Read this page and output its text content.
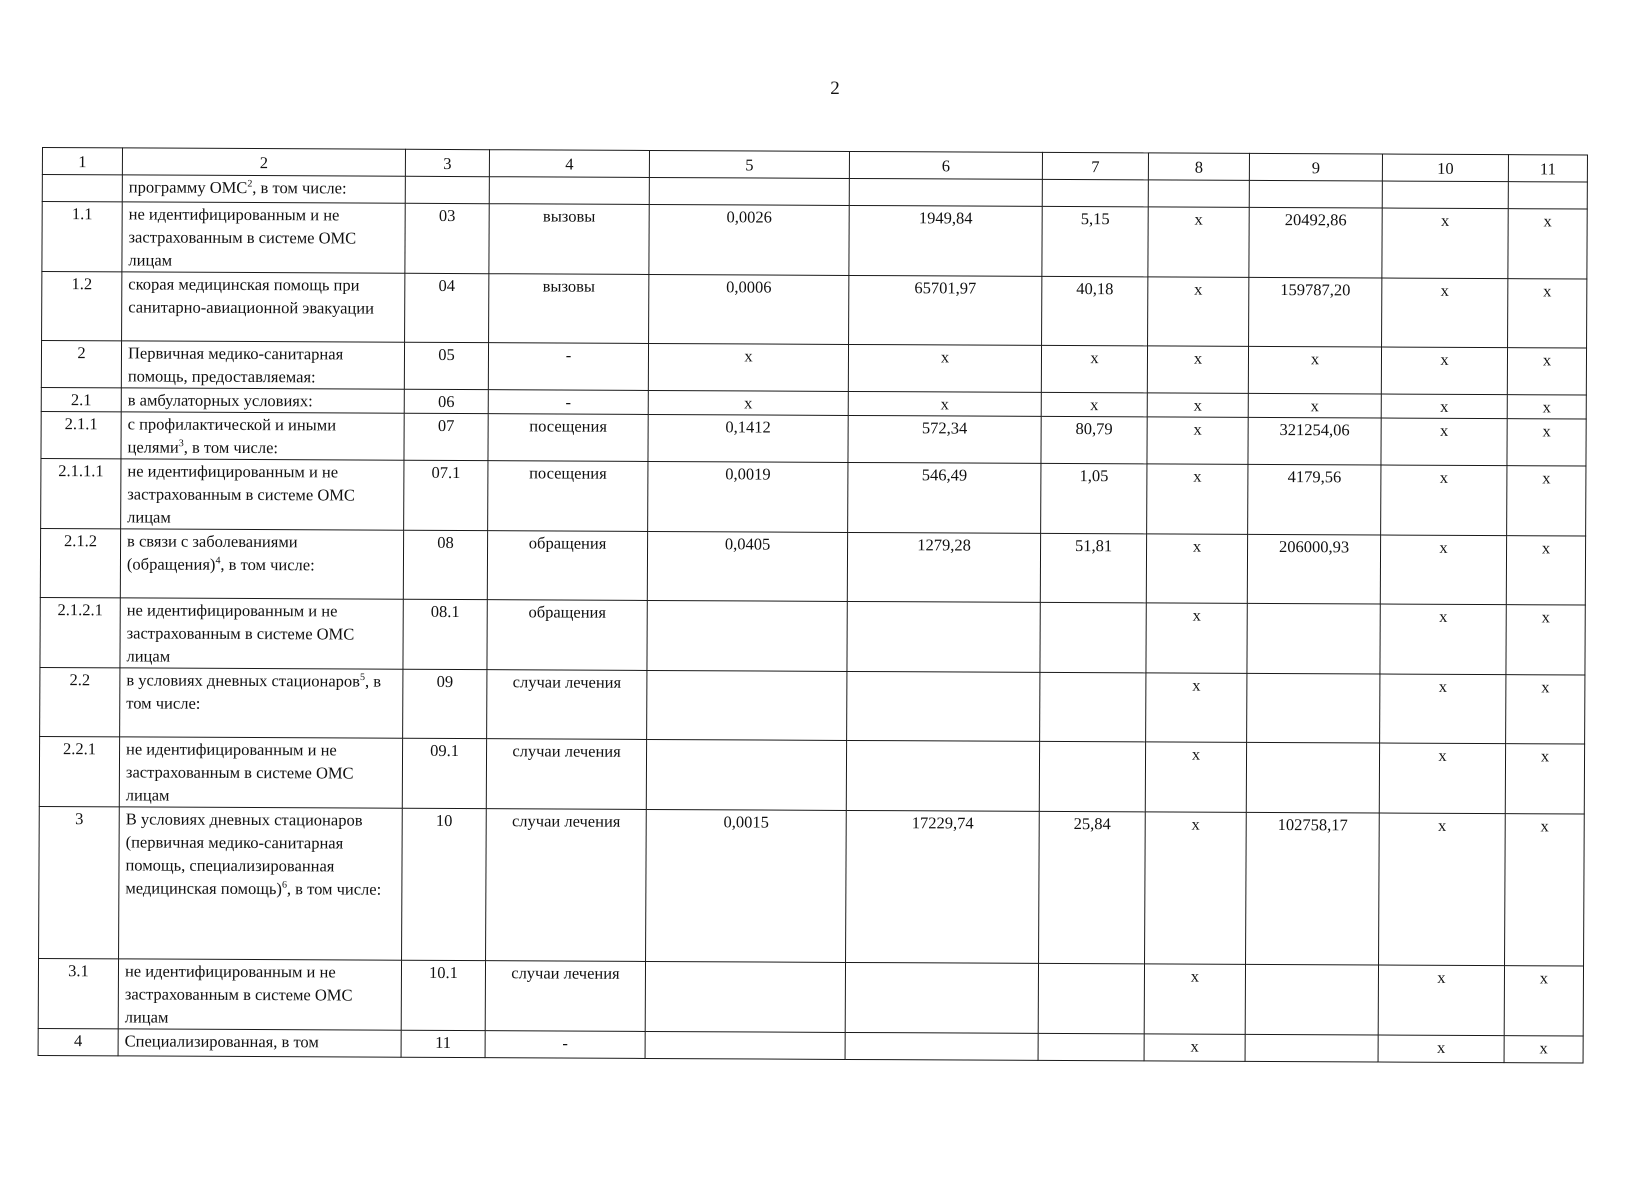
2
1	2	3	4	5	6	7	8	9	10	11
	программу ОМС$^2$, в том числе:									
1.1	не идентифицированным и не застрахованным в системе ОМС лицам	03	вызовы	0,0026	1949,84	5,15	x	20492,86	x	x
1.2	скорая медицинская помощь при санитарно-авиационной эвакуации	04	вызовы	0,0006	65701,97	40,18	x	159787,20	x	x
2	Первичная медико-санитарная помощь, предоставляемая:	05	-	x	x	x	x	x	x	x
2.1	в амбулаторных условиях:	06	-	x	x	x	x	x	x	x
2.1.1	с профилактической и иными целями$^3$, в том числе:	07	посещения	0,1412	572,34	80,79	x	321254,06	x	x
2.1.1.1	не идентифицированным и не застрахованным в системе ОМС лицам	07.1	посещения	0,0019	546,49	1,05	x	4179,56	x	x
2.1.2	в связи с заболеваниями (обращения)$^4$, в том числе:	08	обращения	0,0405	1279,28	51,81	x	206000,93	x	x
2.1.2.1	не идентифицированным и не застрахованным в системе ОМС лицам	08.1	обращения				x		x	x
2.2	в условиях дневных стационаров$^5$, в том числе:	09	случаи лечения				x		x	x
2.2.1	не идентифицированным и не застрахованным в системе ОМС лицам	09.1	случаи лечения				x		x	x
3	В условиях дневных стационаров (первичная медико-санитарная помощь, специализированная медицинская помощь)$^6$, в том числе:	10	случаи лечения	0,0015	17229,74	25,84	x	102758,17	x	x
3.1	не идентифицированным и не застрахованным в системе ОМС лицам	10.1	случаи лечения				x		x	x
4	Специализированная, в том	11	-				x		x	x
